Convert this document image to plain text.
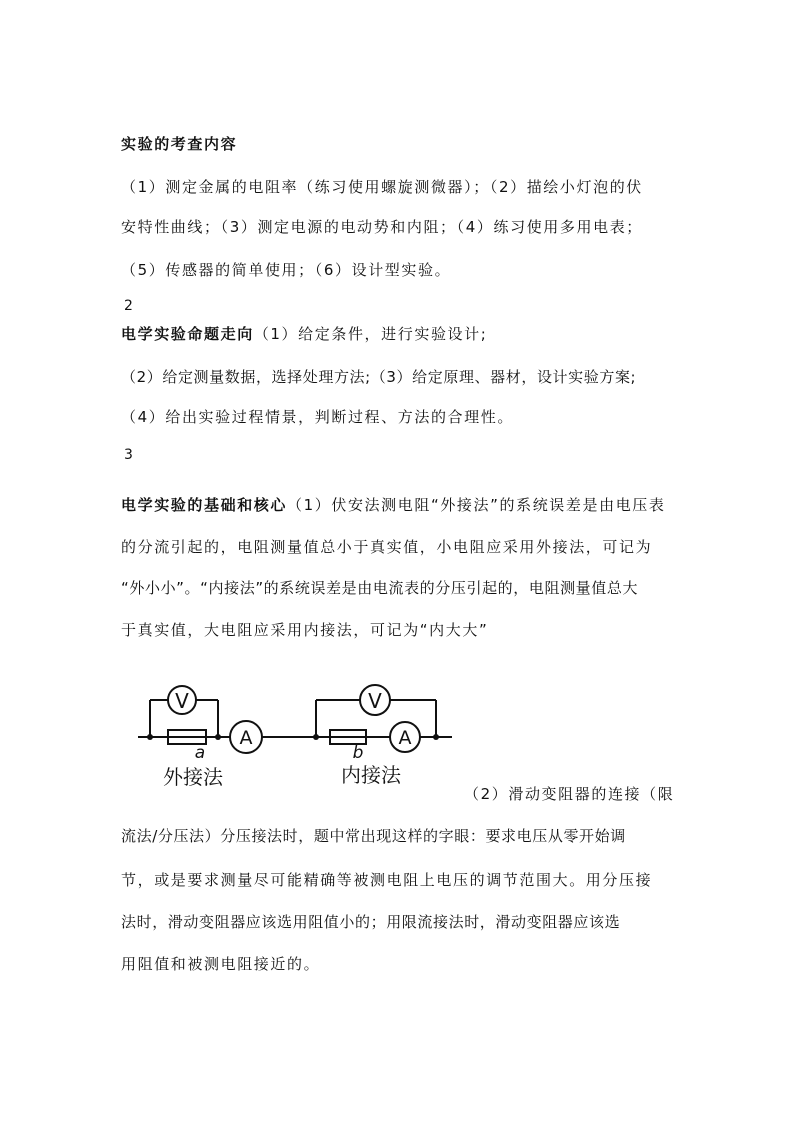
实验的考查内容
（1）测定金属的电阻率（练习使用螺旋测微器）；（2）描绘小灯泡的伏
安特性曲线；（3）测定电源的电动势和内阻；（4）练习使用多用电表；
（5）传感器的简单使用；（6）设计型实验。
2
电学实验命题走向（1）给定条件，进行实验设计;
（2）给定测量数据，选择处理方法;（3）给定原理、器材，设计实验方案;
（4）给出实验过程情景，判断过程、方法的合理性。
3
电学实验的基础和核心（1）伏安法测电阻“外接法”的系统误差是由电压表
的分流引起的，电阻测量值总小于真实值，小电阻应采用外接法，可记为
“外小小”。“内接法”的系统误差是由电流表的分压引起的，电阻测量值总大
于真实值，大电阻应采用内接法，可记为“内大大”
V
A
V
A
a	b
外接法	内接法
（2）滑动变阻器的连接（限
流法/分压法）分压接法时，题中常出现这样的字眼：要求电压从零开始调
节，或是要求测量尽可能精确等被测电阻上电压的调节范围大。用分压接
法时，滑动变阻器应该选用阻值小的；用限流接法时，滑动变阻器应该选
用阻值和被测电阻接近的。
